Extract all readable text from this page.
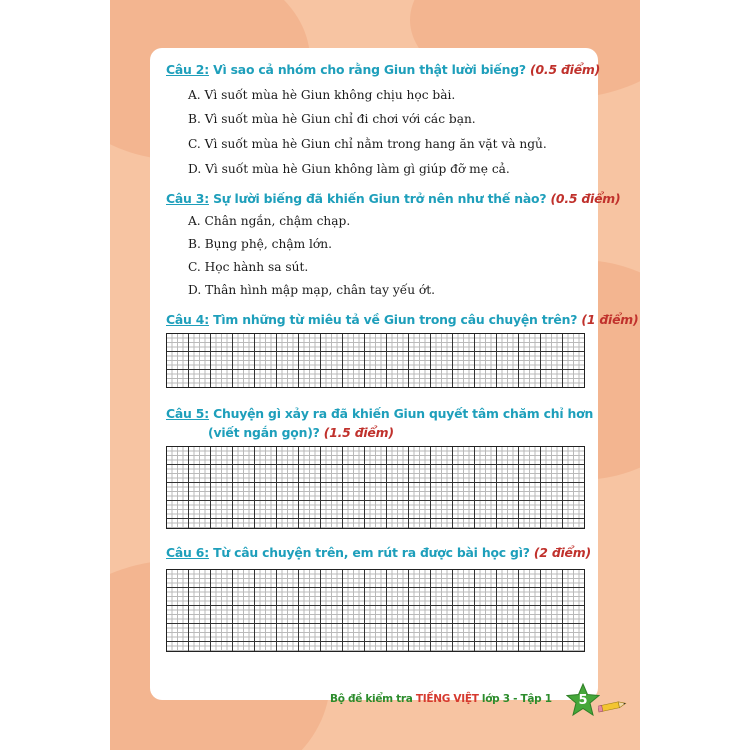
Câu 2: Vì sao cả nhóm cho rằng Giun thật lười biếng? (0.5 điểm)
A. Vì suốt mùa hè Giun không chịu học bài.
B. Vì suốt mùa hè Giun chỉ đi chơi với các bạn.
C. Vì suốt mùa hè Giun chỉ nằm trong hang ăn vặt và ngủ.
D. Vì suốt mùa hè Giun không làm gì giúp đỡ mẹ cả.
Câu 3: Sự lười biếng đã khiến Giun trở nên như thế nào? (0.5 điểm)
A. Chân ngắn, chậm chạp.
B. Bụng phệ, chậm lớn.
C. Học hành sa sút.
D. Thân hình mập mạp, chân tay yếu ớt.
Câu 4: Tìm những từ miêu tả về Giun trong câu chuyện trên? (1 điểm)
Câu 5: Chuyện gì xảy ra đã khiến Giun quyết tâm chăm chỉ hơn
(viết ngắn gọn)? (1.5 điểm)
Câu 6: Từ câu chuyện trên, em rút ra được bài học gì? (2 điểm)
Bộ đề kiểm tra TIẾNG VIỆT lớp 3 - Tập 1	5
